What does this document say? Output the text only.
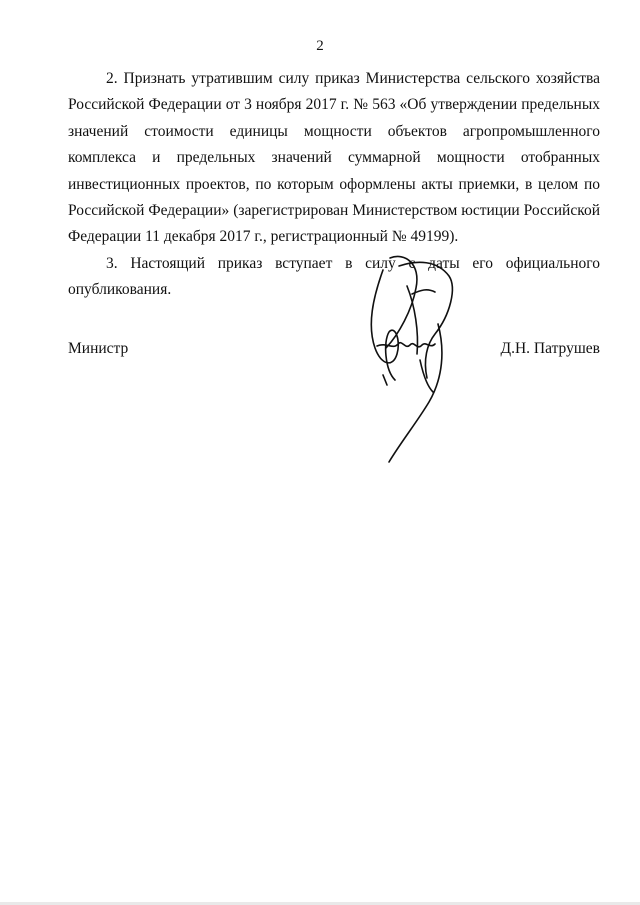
2

2. Признать утратившим силу приказ Министерства сельского хозяйства Российской Федерации от 3 ноября 2017 г. № 563 «Об утверждении предельных значений стоимости единицы мощности объектов агропромышленного комплекса и предельных значений суммарной мощности отобранных инвестиционных проектов, по которым оформлены акты приемки, в целом по Российской Федерации» (зарегистрирован Министерством юстиции Российской Федерации 11 декабря 2017 г., регистрационный № 49199).

3. Настоящий приказ вступает в силу с даты его официального опубликования.

Министр	Д.Н. Патрушев
